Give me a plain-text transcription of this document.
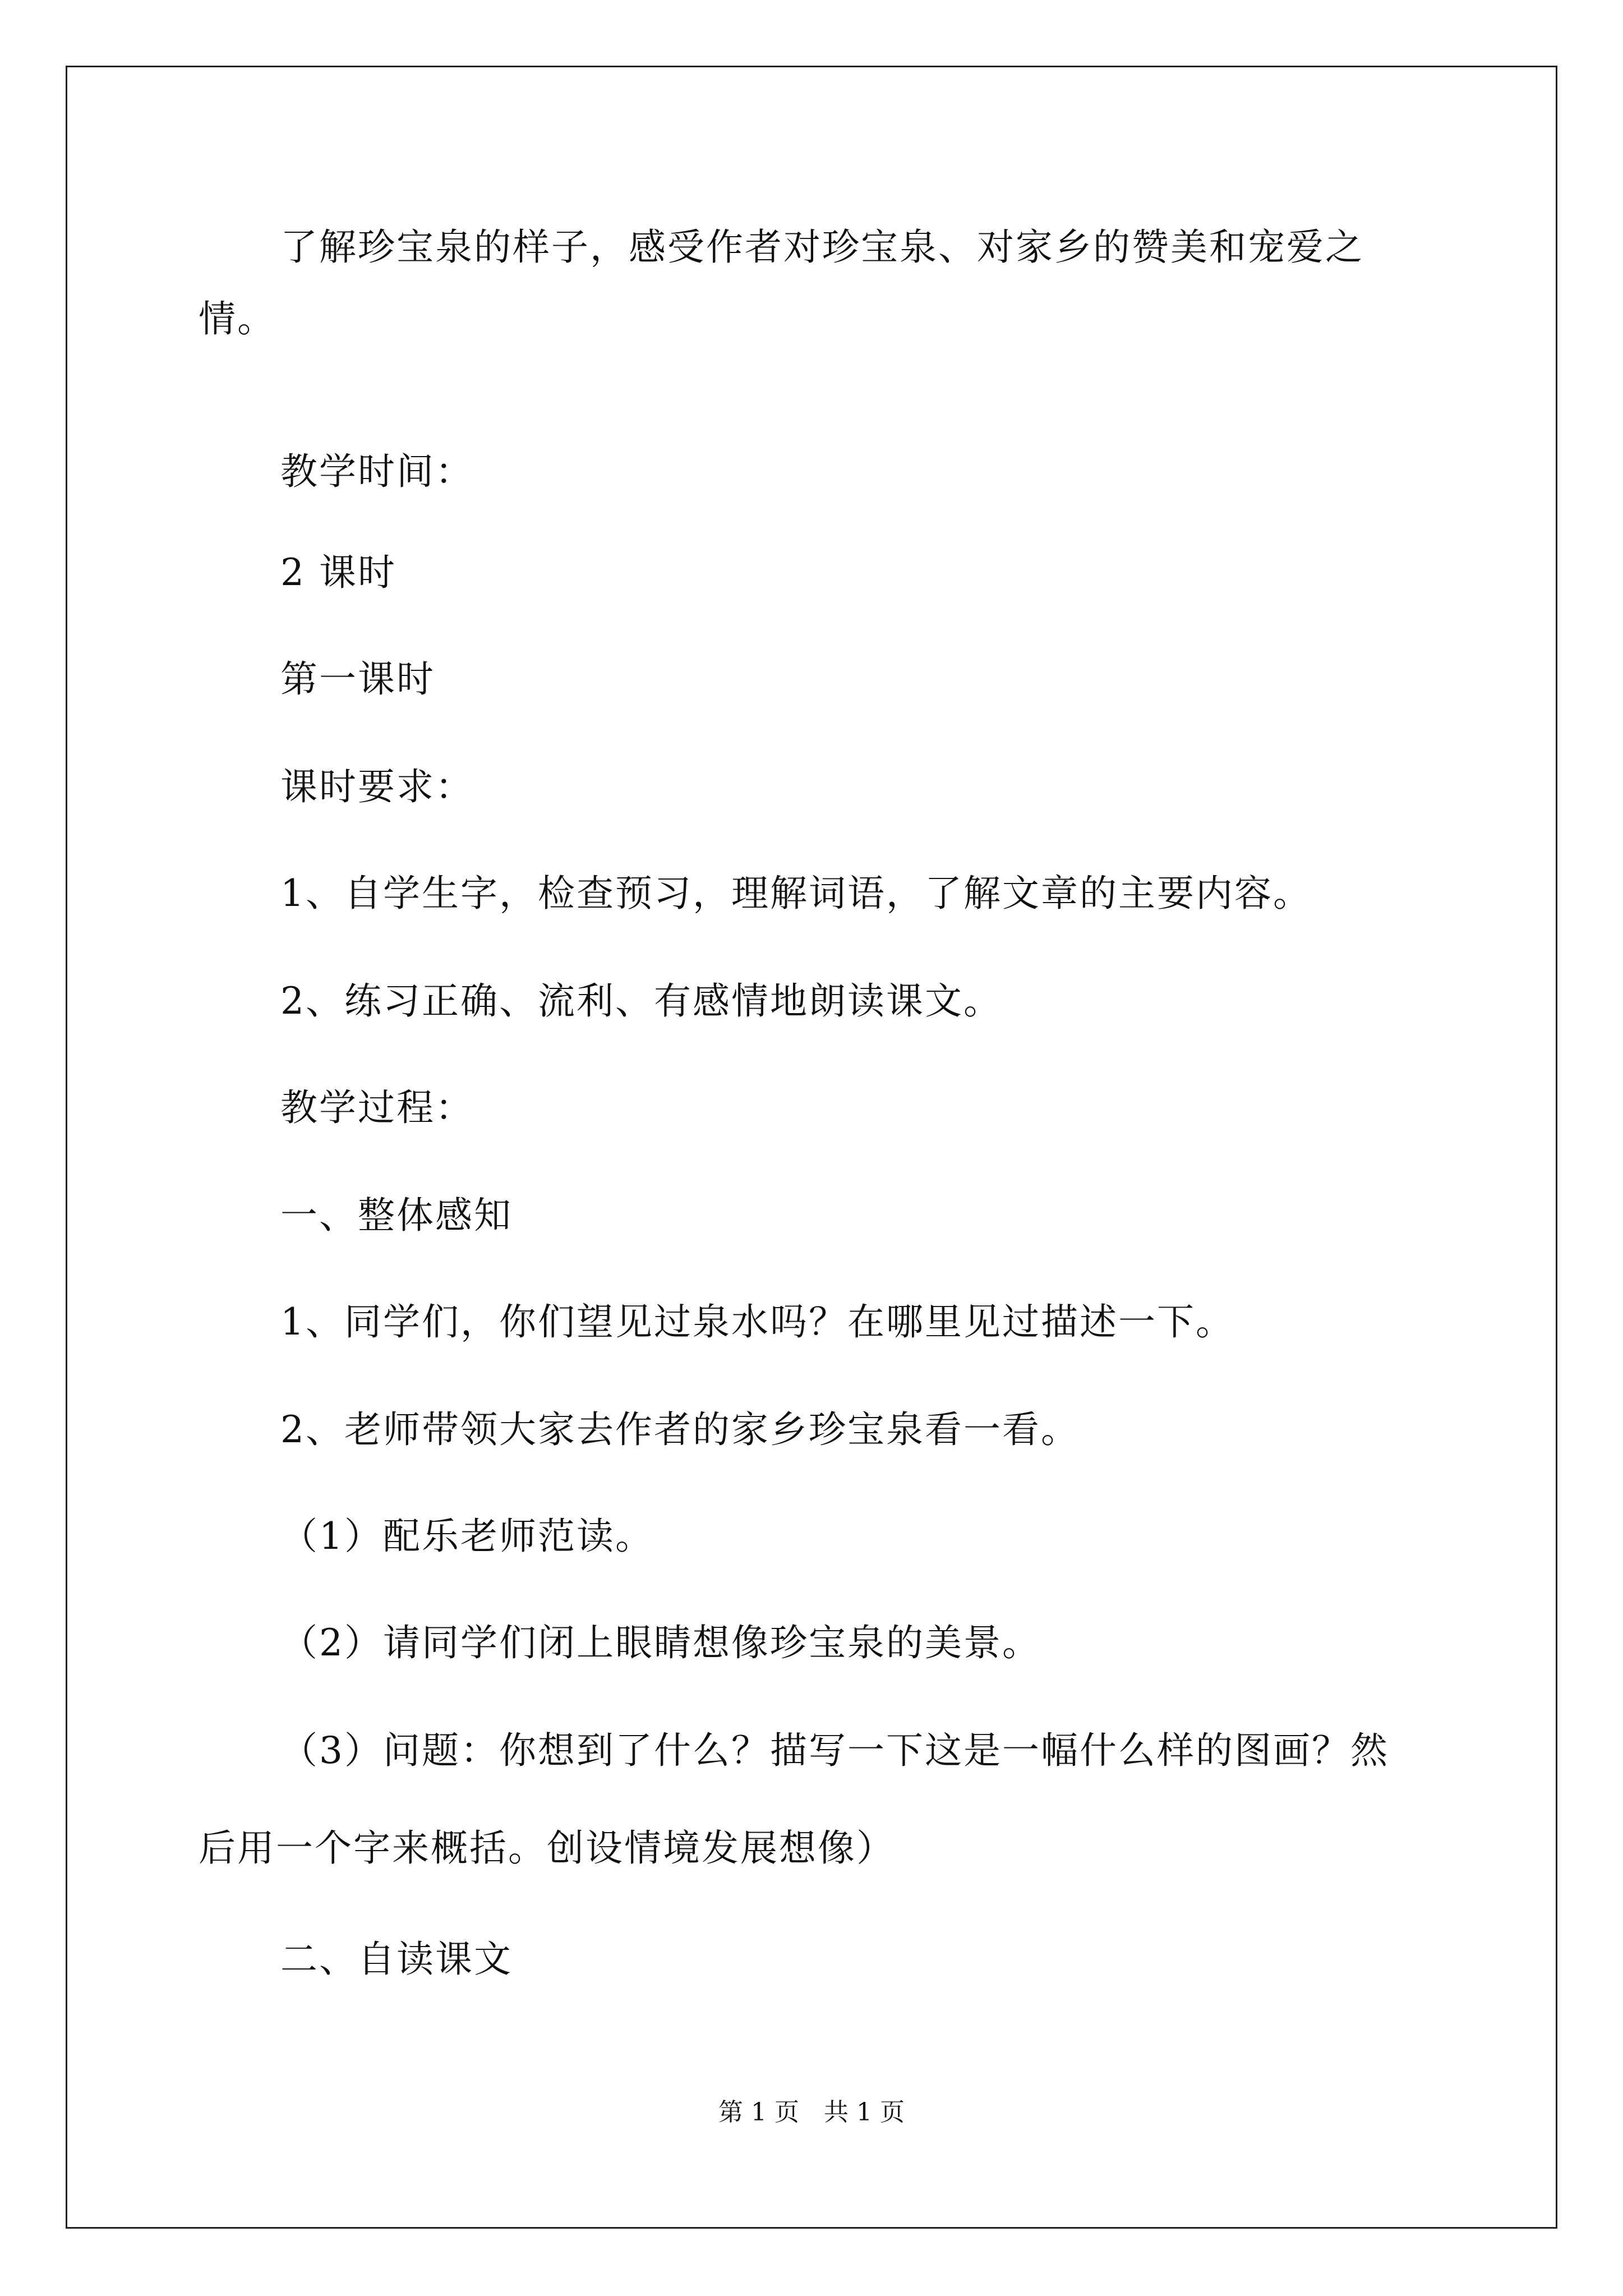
了解珍宝泉的样子，感受作者对珍宝泉、对家乡的赞美和宠爱之

情。

教学时间：

2 课时

第一课时

课时要求：

1、自学生字，检查预习，理解词语，了解文章的主要内容。

2、练习正确、流利、有感情地朗读课文。

教学过程：

一、整体感知

1、同学们，你们望见过泉水吗？在哪里见过描述一下。

2、老师带领大家去作者的家乡珍宝泉看一看。

（1）配乐老师范读。

（2）请同学们闭上眼睛想像珍宝泉的美景。

（3）问题：你想到了什么？描写一下这是一幅什么样的图画？然

后用一个字来概括。创设情境发展想像）

二、自读课文

第 1 页　共 1 页
